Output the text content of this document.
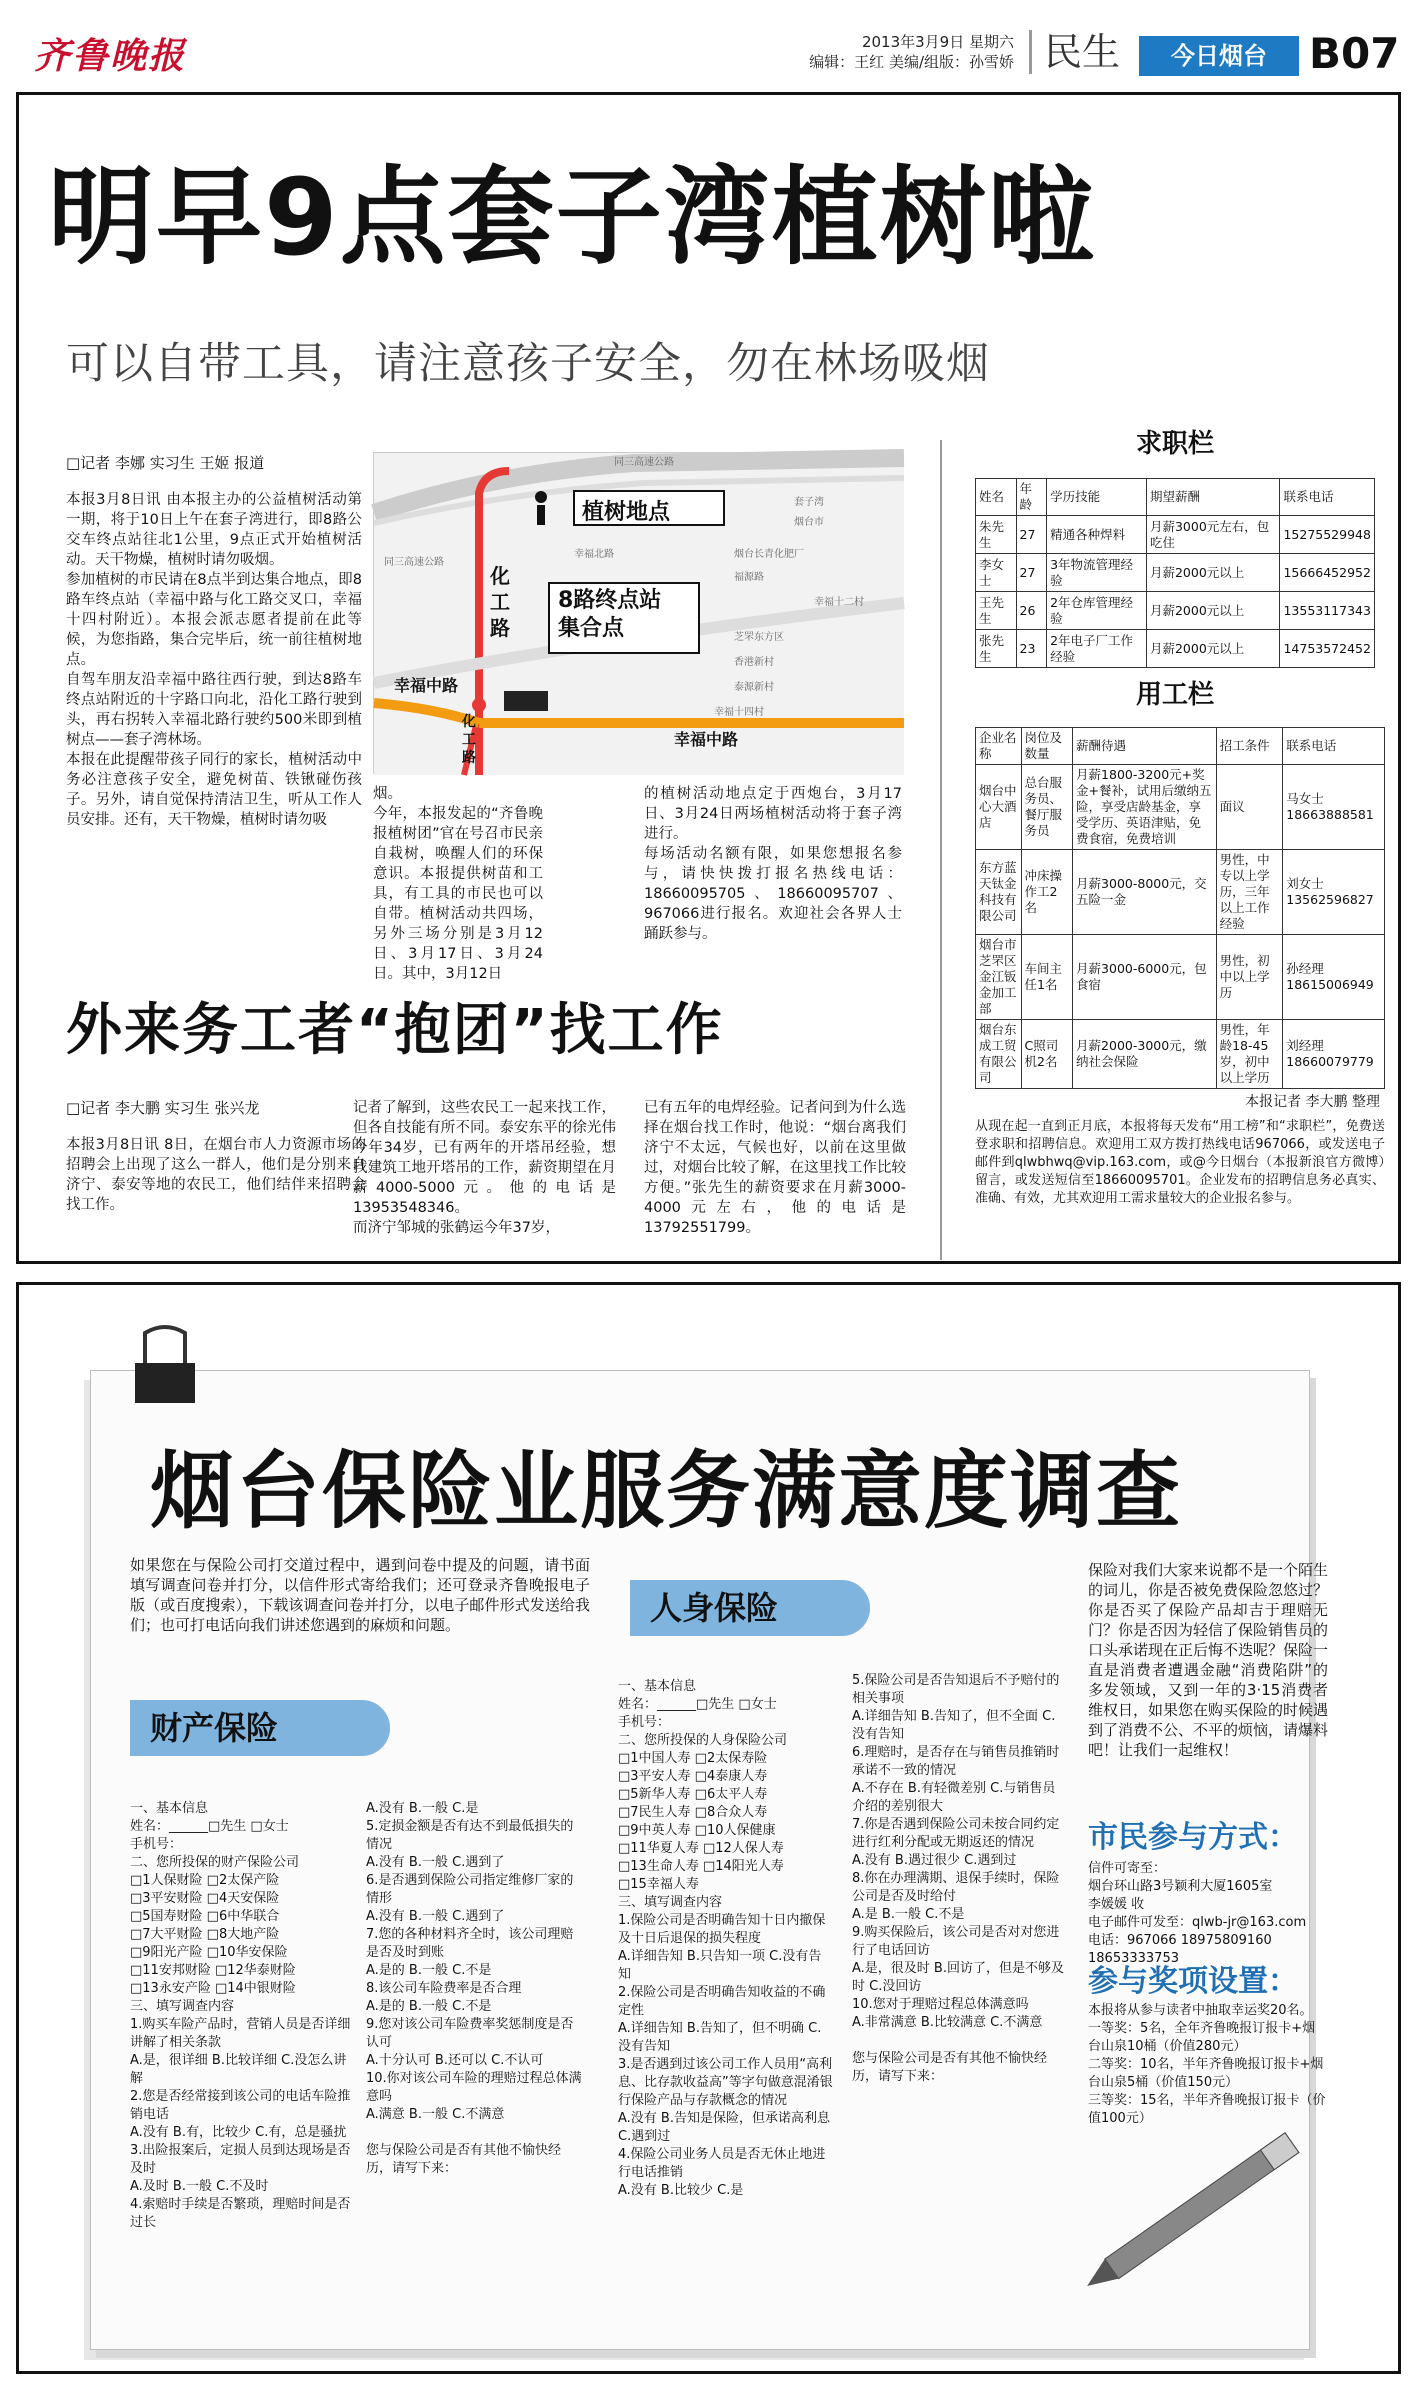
齐鲁晚报	2013年3月9日 星期六
编辑：王红 美编/组版：孙雪娇 民生	今日烟台	B07
明早9点套子湾植树啦
可以自带工具，请注意孩子安全，勿在林场吸烟
□记者 李娜 实习生 王姬 报道
本报3月8日讯 由本报主办的公益植树活动第一期，将于10日上午在套子湾进行，即8路公交车终点站往北1公里，9点正式开始植树活动。天干物燥，植树时请勿吸烟。
参加植树的市民请在8点半到达集合地点，即8路车终点站（幸福中路与化工路交叉口，幸福十四村附近）。本报会派志愿者提前在此等候，为您指路，集合完毕后，统一前往植树地点。
自驾车朋友沿幸福中路往西行驶，到达8路车终点站附近的十字路口向北，沿化工路行驶到头，再右拐转入幸福北路行驶约500米即到植树点——套子湾林场。
本报在此提醒带孩子同行的家长，植树活动中务必注意孩子安全，避免树苗、铁锹碰伤孩子。另外，请自觉保持清洁卫生，听从工作人员安排。还有，天干物燥，植树时请勿吸
植树地点
8路终点站
集合点
化
工
路
化
工
路
幸福中路
幸福中路
同三高速公路
同三高速公路
幸福北路	烟台长青化肥厂
福源路
幸福十二村
芝罘东方区
幸福十四村
香港新村
泰源新村
套子湾
烟台市
烟。
今年，本报发起的“齐鲁晚报植树团”官在号召市民亲自栽树，唤醒人们的环保意识。本报提供树苗和工具，有工具的市民也可以自带。植树活动共四场，另外三场分别是3月12日、3月17日、3月24日。其中，3月12日
的植树活动地点定于西炮台，3月17日、3月24日两场植树活动将于套子湾进行。
每场活动名额有限，如果您想报名参与，请快快拨打报名热线电话：18660095705、18660095707、967066进行报名。欢迎社会各界人士踊跃参与。
外来务工者“抱团”找工作
□记者 李大鹏 实习生 张兴龙
本报3月8日讯 8日，在烟台市人力资源市场的招聘会上出现了这么一群人，他们是分别来自济宁、泰安等地的农民工，他们结伴来招聘会找工作。
记者了解到，这些农民工一起来找工作，但各自技能有所不同。泰安东平的徐光伟今年34岁，已有两年的开塔吊经验，想找建筑工地开塔吊的工作，薪资期望在月薪4000-5000元。他的电话是13953548346。
而济宁邹城的张鹤运今年37岁，
已有五年的电焊经验。记者问到为什么选择在烟台找工作时，他说：“烟台离我们济宁不太远，气候也好，以前在这里做过，对烟台比较了解，在这里找工作比较方便。”张先生的薪资要求在月薪3000-4000元左右，他的电话是13792551799。
求职栏
姓名	年龄	学历技能	期望薪酬	联系电话
朱先生	27	精通各种焊料	月薪3000元左右，包吃住	15275529948
李女士	27	3年物流管理经验	月薪2000元以上	15666452952
王先生	26	2年仓库管理经验	月薪2000元以上	13553117343
张先生	23	2年电子厂工作经验	月薪2000元以上	14753572452
用工栏
企业名称	岗位及数量	薪酬待遇	招工条件	联系电话
烟台中心大酒店	总台服务员、餐厅服务员	月薪1800-3200元+奖金+餐补，试用后缴纳五险，享受店龄基金，享受学历、英语津贴，免费食宿，免费培训	面议	马女士 18663888581
东方蓝天钛金科技有限公司	冲床操作工2名	月薪3000-8000元，交五险一金	男性，中专以上学历，三年以上工作经验	刘女士 13562596827
烟台市芝罘区金江钣金加工部	车间主任1名	月薪3000-6000元，包食宿	男性，初中以上学历	孙经理 18615006949
烟台东成工贸有限公司	C照司机2名	月薪2000-3000元，缴纳社会保险	男性，年龄18-45岁，初中以上学历	刘经理 18660079779
本报记者 李大鹏 整理
从现在起一直到正月底，本报将每天发布“用工榜”和“求职栏”，免费送登求职和招聘信息。欢迎用工双方拨打热线电话967066，或发送电子邮件到qlwbhwq@vip.163.com，或@今日烟台（本报新浪官方微博）留言，或发送短信至18660095701。企业发布的招聘信息务必真实、准确、有效，尤其欢迎用工需求量较大的企业报名参与。
烟台保险业服务满意度调查
如果您在与保险公司打交道过程中，遇到问卷中提及的问题，请书面填写调查问卷并打分，以信件形式寄给我们；还可登录齐鲁晚报电子版（或百度搜索），下载该调查问卷并打分，以电子邮件形式发送给我们；也可打电话向我们讲述您遇到的麻烦和问题。
财产保险
人身保险
一、基本信息
姓名：______□先生 □女士
手机号：
二、您所投保的财产保险公司
□1人保财险 □2太保产险
□3平安财险 □4天安保险
□5国寿财险 □6中华联合
□7大平财险 □8大地产险
□9阳光产险 □10华安保险
□11安邦财险 □12华泰财险
□13永安产险 □14中银财险
三、填写调查内容
1.购买车险产品时，营销人员是否详细讲解了相关条款
A.是，很详细 B.比较详细 C.没怎么讲解
2.您是否经常接到该公司的电话车险推销电话
A.没有 B.有，比较少 C.有，总是骚扰
3.出险报案后，定损人员到达现场是否及时
A.及时 B.一般 C.不及时
4.索赔时手续是否繁琐，理赔时间是否过长
A.没有 B.一般 C.是
5.定损金额是否有达不到最低損失的情况
A.没有 B.一般 C.遇到了
6.是否遇到保险公司指定维修厂家的情形
A.没有 B.一般 C.遇到了
7.您的各种材料齐全时，该公司理赔是否及时到账
A.是的 B.一般 C.不是
8.该公司车险费率是否合理
A.是的 B.一般 C.不是
9.您对该公司车险费率奖惩制度是否认可
A.十分认可 B.还可以 C.不认可
10.你对该公司车险的理赔过程总体满意吗
A.满意 B.一般 C.不满意

您与保险公司是否有其他不愉快经历，请写下来：
一、基本信息
姓名：______□先生 □女士
手机号：
二、您所投保的人身保险公司
□1中国人寿 □2太保寿险
□3平安人寿 □4泰康人寿
□5新华人寿 □6太平人寿
□7民生人寿 □8合众人寿
□9中英人寿 □10人保健康
□11华夏人寿 □12人保人寿
□13生命人寿 □14阳光人寿
□15幸福人寿
三、填写调查内容
1.保险公司是否明确告知十日内撤保及十日后退保的损失程度
A.详细告知 B.只告知一项 C.没有告知
2.保险公司是否明确告知收益的不确定性
A.详细告知 B.告知了，但不明确 C.没有告知
3.是否遇到过该公司工作人员用“高利息、比存款收益高”等字句做意混淆银行保险产品与存款概念的情况
A.没有 B.告知是保险，但承诺高利息 C.遇到过
4.保险公司业务人员是否无休止地进行电话推销
A.没有 B.比较少 C.是
5.保险公司是否告知退后不予赔付的相关事项
A.详细告知 B.告知了，但不全面 C.没有告知
6.理赔时，是否存在与销售员推销时承诺不一致的情况
A.不存在 B.有轻微差别 C.与销售员介绍的差别很大
7.你是否遇到保险公司未按合同约定进行红利分配或无期返还的情况
A.没有 B.遇过很少 C.遇到过
8.你在办理满期、退保手续时，保险公司是否及时给付
A.是 B.一般 C.不是
9.购买保险后，该公司是否对对您进行了电话回访
A.是，很及时 B.回访了，但是不够及时 C.没回访
10.您对于理赔过程总体满意吗
A.非常满意 B.比较满意 C.不满意

您与保险公司是否有其他不愉快经历，请写下来：
保险对我们大家来说都不是一个陌生的词儿，你是否被免费保险忽悠过？你是否买了保险产品却吉于理赔无门？你是否因为轻信了保险销售员的口头承诺现在正后悔不迭呢？保险一直是消费者遭遇金融“消费陷阱”的多发领域，又到一年的3·15消费者维权日，如果您在购买保险的时候遇到了消费不公、不平的烦恼，请爆料吧！让我们一起维权！
市民参与方式：
信件可寄至：
烟台环山路3号颖利大厦1605室
李媛媛 收
电子邮件可发至：qlwb-jr@163.com
电话：967066 18975809160 18653333753
参与奖项设置：
本报将从参与读者中抽取幸运奖20名。
一等奖：5名，全年齐鲁晚报订报卡+烟台山泉10桶（价值280元）
二等奖：10名，半年齐鲁晚报订报卡+烟台山泉5桶（价值150元）
三等奖：15名，半年齐鲁晚报订报卡（价值100元）
